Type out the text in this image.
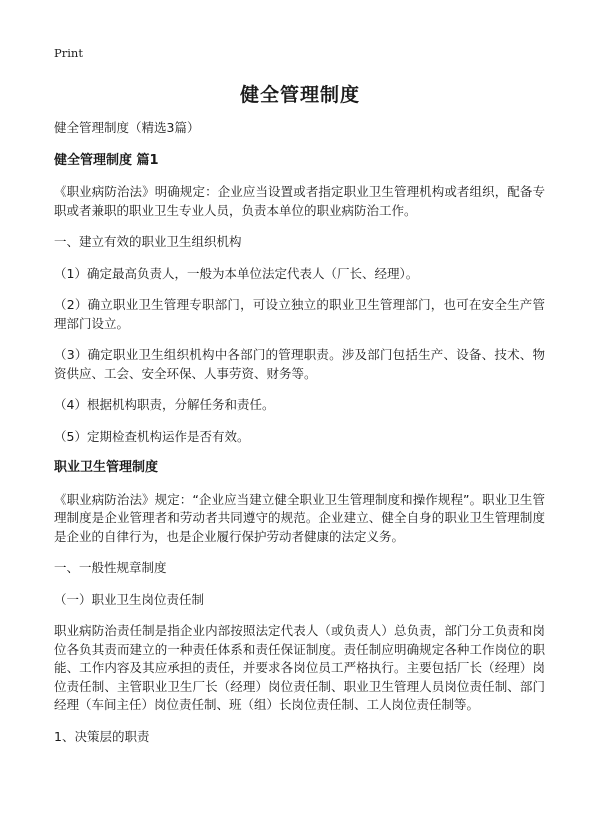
Print
健全管理制度

健全管理制度（精选3篇）

健全管理制度 篇1

《职业病防治法》明确规定：企业应当设置或者指定职业卫生管理机构或者组织，配备专职或者兼职的职业卫生专业人员，负责本单位的职业病防治工作。

一、建立有效的职业卫生组织机构

（1）确定最高负责人，一般为本单位法定代表人（厂长、经理）。

（2）确立职业卫生管理专职部门，可设立独立的职业卫生管理部门，也可在安全生产管理部门设立。

（3）确定职业卫生组织机构中各部门的管理职责。涉及部门包括生产、设备、技术、物资供应、工会、安全环保、人事劳资、财务等。

（4）根据机构职责，分解任务和责任。

（5）定期检查机构运作是否有效。

职业卫生管理制度

《职业病防治法》规定：“企业应当建立健全职业卫生管理制度和操作规程”。职业卫生管理制度是企业管理者和劳动者共同遵守的规范。企业建立、健全自身的职业卫生管理制度是企业的自律行为，也是企业履行保护劳动者健康的法定义务。

一、一般性规章制度

（一）职业卫生岗位责任制

职业病防治责任制是指企业内部按照法定代表人（或负责人）总负责，部门分工负责和岗位各负其责而建立的一种责任体系和责任保证制度。责任制应明确规定各种工作岗位的职能、工作内容及其应承担的责任，并要求各岗位员工严格执行。主要包括厂长（经理）岗位责任制、主管职业卫生厂长（经理）岗位责任制、职业卫生管理人员岗位责任制、部门经理（车间主任）岗位责任制、班（组）长岗位责任制、工人岗位责任制等。

1、决策层的职责
